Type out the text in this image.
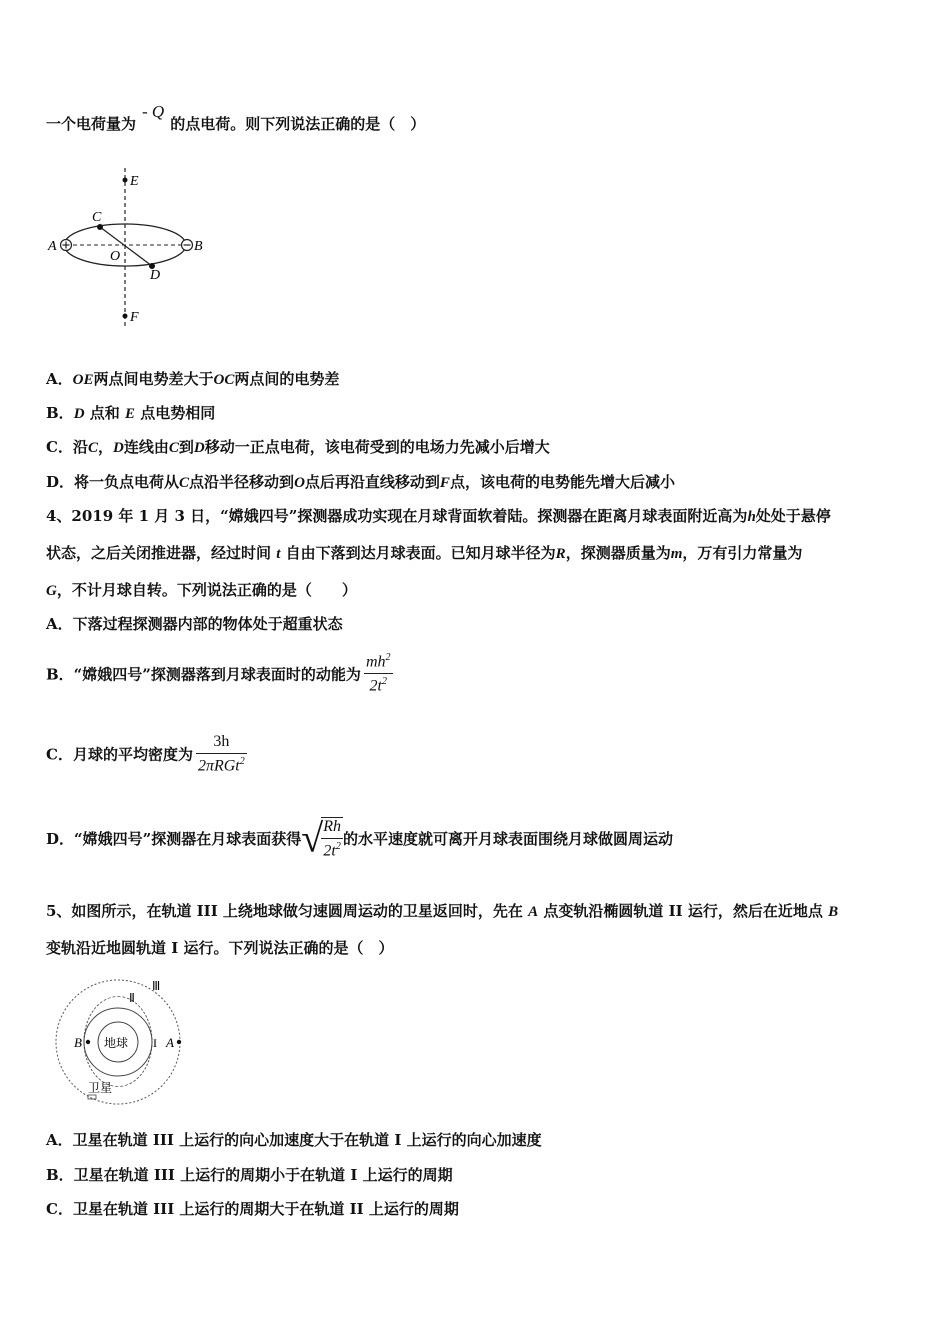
一个电荷量为- Q的点电荷。则下列说法正确的是（　）
E
C
A
O
B
D
F
A．OE两点间电势差大于OC两点间的电势差
B．D 点和 E 点电势相同
C．沿C，D连线由C到D移动一正点电荷，该电荷受到的电场力先减小后增大
D．将一负点电荷从C点沿半径移动到O点后再沿直线移动到F点，该电荷的电势能先增大后减小
4、2019 年 1 月 3 日，“嫦娥四号”探测器成功实现在月球背面软着陆。探测器在距离月球表面附近高为h处处于悬停
状态，之后关闭推进器，经过时间 t 自由下落到达月球表面。已知月球半径为R，探测器质量为m，万有引力常量为
G，不计月球自转。下列说法正确的是（　　）
A．下落过程探测器内部的物体处于超重状态
B．“嫦娥四号”探测器落到月球表面时的动能为 $\frac{mh^2}{2t^2}$
C．月球的平均密度为 $\frac{3h}{2\pi RGt^2}$
D．“嫦娥四号”探测器在月球表面获得√
$\frac{Rh}{2t^2}$ 的水平速度就可离开月球表面围绕月球做圆周运动
5、如图所示，在轨道 III 上绕地球做匀速圆周运动的卫星返回时，先在 A 点变轨沿椭圆轨道 II 运行，然后在近地点 B
变轨沿近地圆轨道 I 运行。下列说法正确的是（　）
Ⅲ
Ⅱ
I
B	A
地球
卫星
A．卫星在轨道 III 上运行的向心加速度大于在轨道 I 上运行的向心加速度
B．卫星在轨道 III 上运行的周期小于在轨道 I 上运行的周期
C．卫星在轨道 III 上运行的周期大于在轨道 II 上运行的周期
